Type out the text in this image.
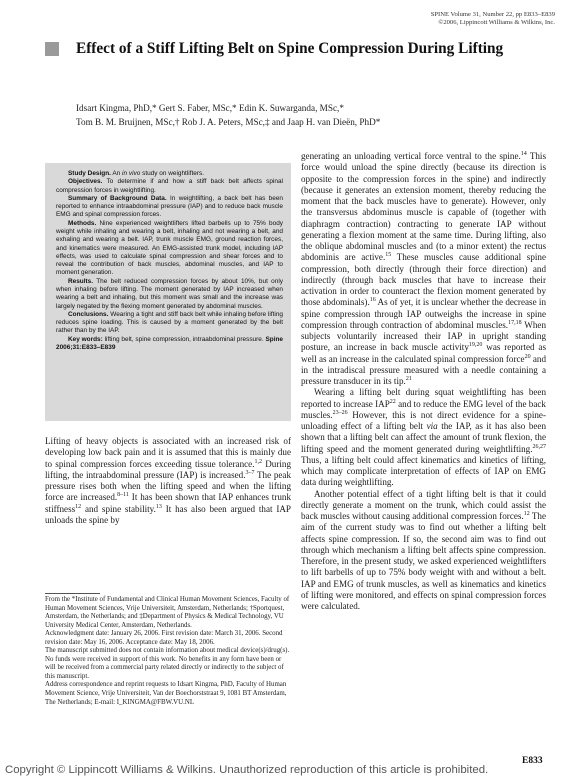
SPINE Volume 31, Number 22, pp E833–E839
©2006, Lippincott Williams & Wilkins, Inc.
Effect of a Stiff Lifting Belt on Spine Compression During Lifting
Idsart Kingma, PhD,* Gert S. Faber, MSc,* Edin K. Suwarganda, MSc,*
Tom B. M. Bruijnen, MSc,† Rob J. A. Peters, MSc,‡ and Jaap H. van Dieën, PhD*

Study Design. An in vivo study on weightlifters.

Objectives. To determine if and how a stiff back belt affects spinal compression forces in weightlifting.

Summary of Background Data. In weightlifting, a back belt has been reported to enhance intraabdominal pressure (IAP) and to reduce back muscle EMG and spinal compression forces.

Methods. Nine experienced weightlifters lifted barbells up to 75% body weight while inhaling and wearing a belt, inhaling and not wearing a belt, and exhaling and wearing a belt. IAP, trunk muscle EMG, ground reaction forces, and kinematics were measured. An EMG-assisted trunk model, including IAP effects, was used to calculate spinal compression and shear forces and to reveal the contribution of back muscles, abdominal muscles, and IAP to moment generation.

Results. The belt reduced compression forces by about 10%, but only when inhaling before lifting. The moment generated by IAP increased when wearing a belt and inhaling, but this moment was small and the increase was largely negated by the flexing moment generated by abdominal muscles.

Conclusions. Wearing a tight and stiff back belt while inhaling before lifting reduces spine loading. This is caused by a moment generated by the belt rather than by the IAP.

Key words: lifting belt, spine compression, intraabdominal pressure. Spine 2006;31:E833–E839

Lifting of heavy objects is associated with an increased risk of developing low back pain and it is assumed that this is mainly due to spinal compression forces exceeding tissue tolerance.$^{1,2}$ During lifting, the intraabdominal pressure (IAP) is increased.$^{3-7}$ The peak pressure rises both when the lifting speed and when the lifting force are increased.$^{8-11}$ It has been shown that IAP enhances trunk stiffness$^{12}$ and spine stability.$^{13}$ It has also been argued that IAP unloads the spine by

From the *Institute of Fundamental and Clinical Human Movement Sciences, Faculty of Human Movement Sciences, Vrije Universiteit, Amsterdam, Netherlands; †Sportquest, Amsterdam, the Netherlands; and ‡Department of Physics & Medical Technology, VU University Medical Center, Amsterdam, Netherlands.

Acknowledgment date: January 26, 2006. First revision date: March 31, 2006. Second revision date: May 16, 2006. Acceptance date: May 18, 2006.

The manuscript submitted does not contain information about medical device(s)/drug(s).

No funds were received in support of this work. No benefits in any form have been or will be received from a commercial party related directly or indirectly to the subject of this manuscript.

Address correspondence and reprint requests to Idsart Kingma, PhD, Faculty of Human Movement Science, Vrije Universiteit, Van der Boechorststraat 9, 1081 BT Amsterdam, The Netherlands; E-mail: I_KINGMA@FBW.VU.NL

generating an unloading vertical force ventral to the spine.$^{14}$ This force would unload the spine directly (because its direction is opposite to the compression forces in the spine) and indirectly (because it generates an extension moment, thereby reducing the moment that the back muscles have to generate). However, only the transversus abdominus muscle is capable of (together with diaphragm contraction) contracting to generate IAP without generating a flexion moment at the same time. During lifting, also the oblique abdominal muscles and (to a minor extent) the rectus abdominis are active.$^{15}$ These muscles cause additional spine compression, both directly (through their force direction) and indirectly (through back muscles that have to increase their activation in order to counteract the flexion moment generated by those abdominals).$^{16}$ As of yet, it is unclear whether the decrease in spine compression through IAP outweighs the increase in spine compression through contraction of abdominal muscles.$^{17,18}$ When subjects voluntarily increased their IAP in upright standing posture, an increase in back muscle activity$^{19,20}$ was reported as well as an increase in the calculated spinal compression force$^{20}$ and in the intradiscal pressure measured with a needle containing a pressure transducer in its tip.$^{21}$

Wearing a lifting belt during squat weightlifting has been reported to increase IAP$^{22}$ and to reduce the EMG level of the back muscles.$^{23-26}$ However, this is not direct evidence for a spine-unloading effect of a lifting belt via the IAP, as it has also been shown that a lifting belt can affect the amount of trunk flexion, the lifting speed and the moment generated during weightlifting.$^{26,27}$ Thus, a lifting belt could affect kinematics and kinetics of lifting, which may complicate interpretation of effects of IAP on EMG data during weightlifting.

Another potential effect of a tight lifting belt is that it could directly generate a moment on the trunk, which could assist the back muscles without causing additional compression forces.$^{12}$ The aim of the current study was to find out whether a lifting belt affects spine compression. If so, the second aim was to find out through which mechanism a lifting belt affects spine compression. Therefore, in the present study, we asked experienced weightlifters to lift barbells of up to 75% body weight with and without a belt. IAP and EMG of trunk muscles, as well as kinematics and kinetics of lifting were monitored, and effects on spinal compression forces were calculated.

E833
Copyright © Lippincott Williams & Wilkins. Unauthorized reproduction of this article is prohibited.
